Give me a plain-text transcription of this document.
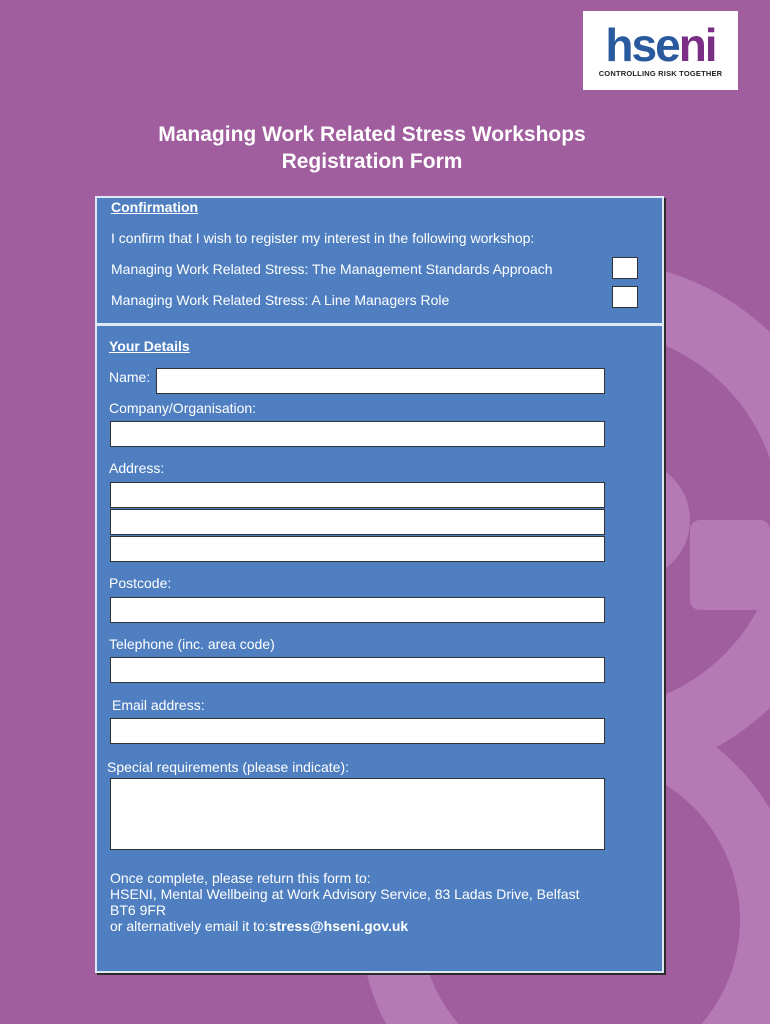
hseni
CONTROLLING RISK TOGETHER
Managing Work Related Stress Workshops
Registration Form
Confirmation
I confirm that I wish to register my interest in the following workshop:
Managing Work Related Stress: The Management Standards Approach
Managing Work Related Stress: A Line Managers Role
Your Details
Name:
Company/Organisation:
Address:
Postcode:
Telephone (inc. area code)
Email address:
Special requirements (please indicate):
Once complete, please return this form to:
HSENI, Mental Wellbeing at Work Advisory Service, 83 Ladas Drive, Belfast
BT6 9FR
or alternatively email it to:stress@hseni.gov.uk
